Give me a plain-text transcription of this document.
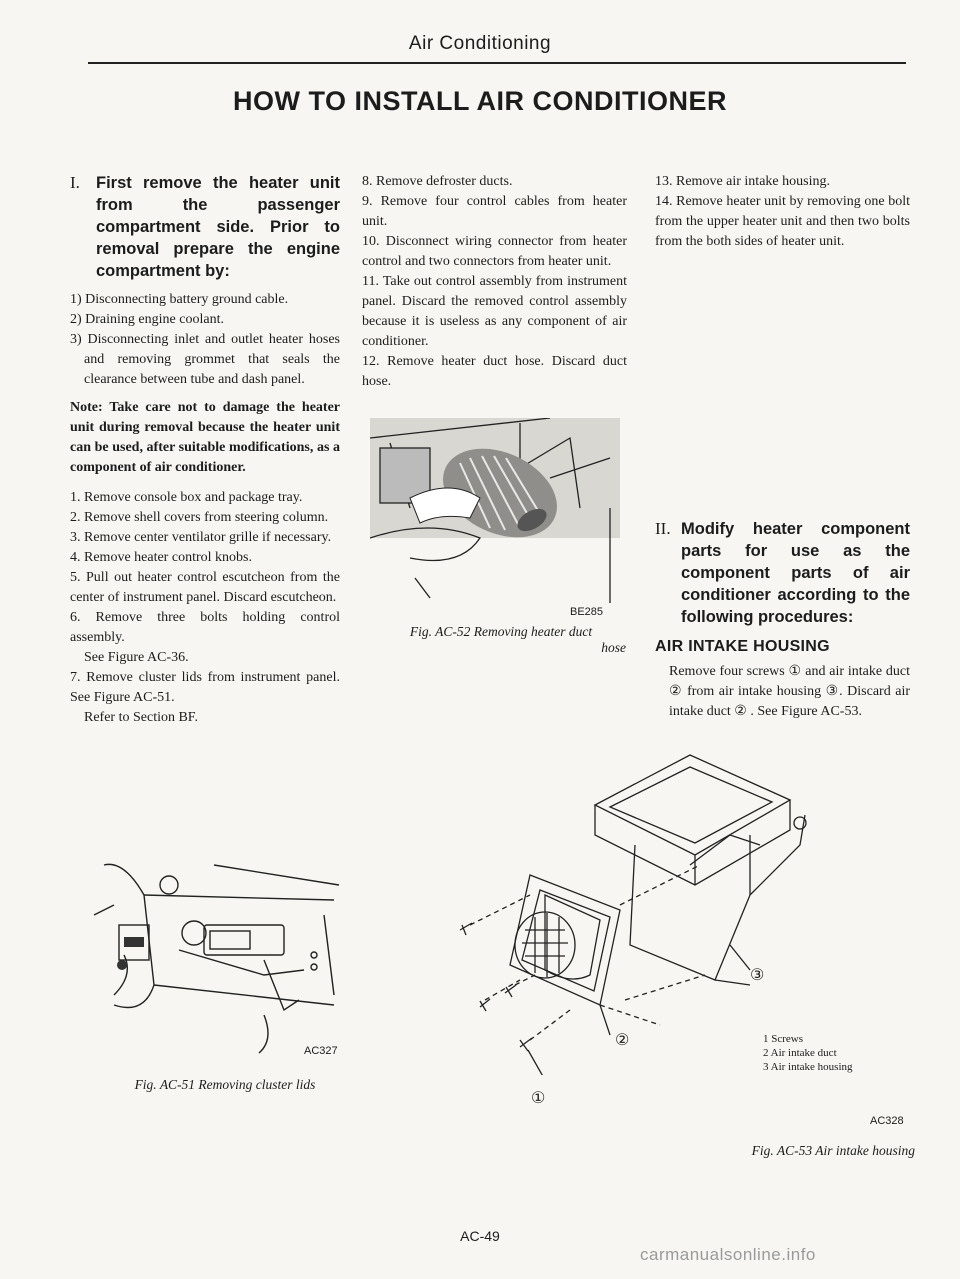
Air Conditioning
HOW TO INSTALL AIR CONDITIONER
I. First remove the heater unit from the passenger compartment side. Prior to removal prepare the engine compartment by:
1) Disconnecting battery ground cable.
2) Draining engine coolant.
3) Disconnecting inlet and outlet heater hoses and removing grommet that seals the clearance between tube and dash panel.
Note: Take care not to damage the heater unit during removal because the heater unit can be used, after suitable modifications, as a component of air conditioner.

1. Remove console box and package tray.

2. Remove shell covers from steering column.

3. Remove center ventilator grille if necessary.

4. Remove heater control knobs.

5. Pull out heater control escutcheon from the center of instrument panel. Discard escutcheon.

6. Remove three bolts holding control assembly.

See Figure AC-36.

7. Remove cluster lids from instrument panel. See Figure AC-51.

Refer to Section BF.

AC327
Fig. AC-51 Removing cluster lids

8. Remove defroster ducts.

9. Remove four control cables from heater unit.

10. Disconnect wiring connector from heater control and two connectors from heater unit.

11. Take out control assembly from instrument panel. Discard the removed control assembly because it is useless as any component of air conditioner.

12. Remove heater duct hose. Discard duct hose.

BE285
Fig. AC-52 Removing heater duct
hose

13. Remove air intake housing.

14. Remove heater unit by removing one bolt from the upper heater unit and then two bolts from the both sides of heater unit.

II. Modify heater component parts for use as the component parts of air conditioner according to the following procedures:
AIR INTAKE HOUSING

Remove four screws ① and air intake duct ② from air intake housing ③. Discard air intake duct ② . See Figure AC-53.

③
②
①
1 Screws
2 Air intake duct
3 Air intake housing
AC328
Fig. AC-53 Air intake housing
AC-49
carmanualsonline.info
